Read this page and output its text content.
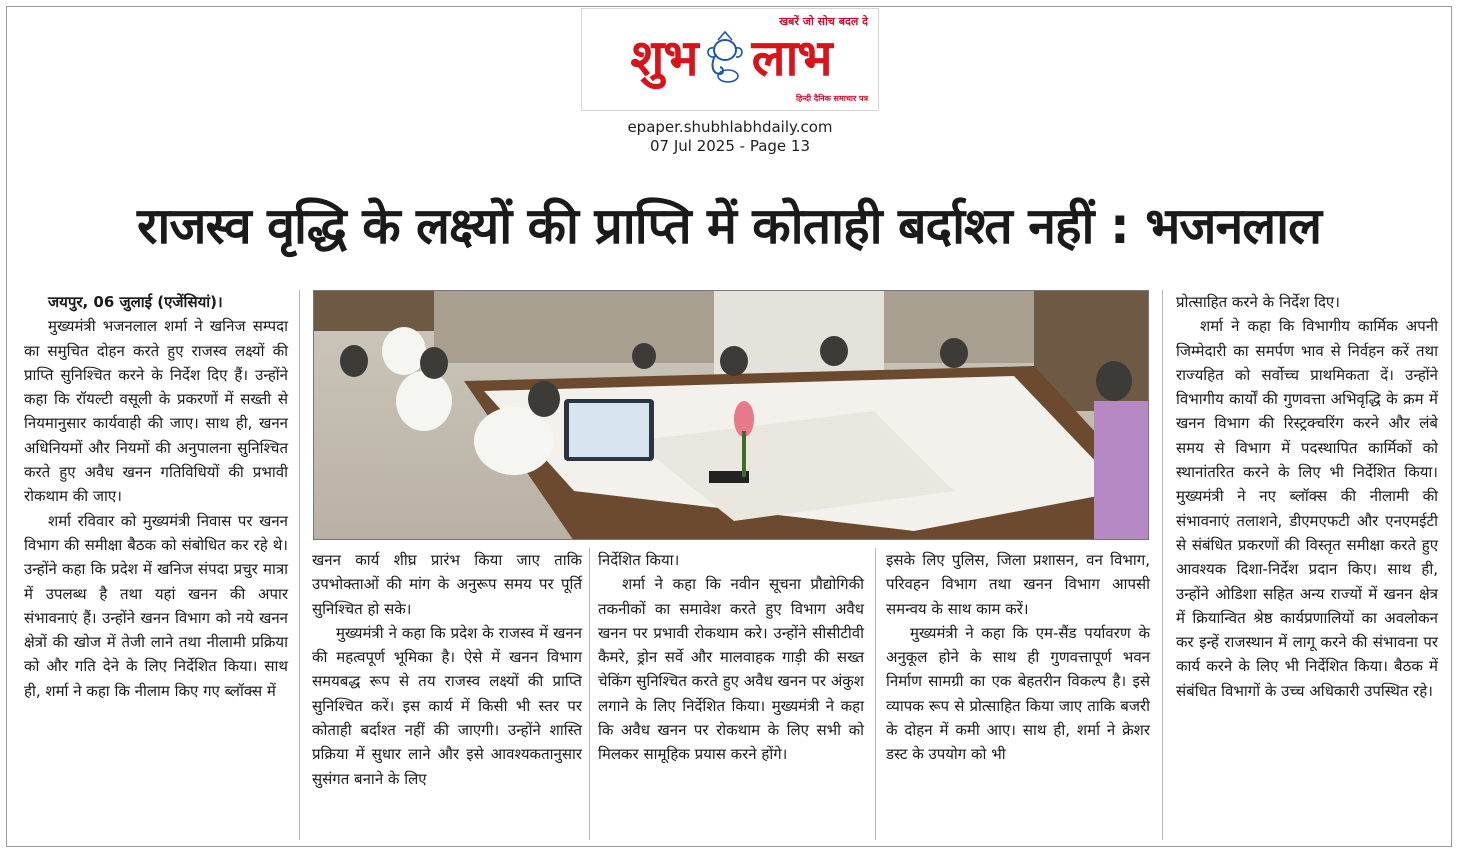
खबरें जो सोच बदल दे
शुभ लाभ
हिन्दी दैनिक समाचार पत्र
epaper.shubhlabhdaily.com
07 Jul 2025 - Page 13
राजस्व वृद्धि के लक्ष्यों की प्राप्ति में कोताही बर्दाश्त नहीं : भजनलाल

जयपुर, 06 जुलाई (एजेंसियां)।

मुख्यमंत्री भजनलाल शर्मा ने खनिज सम्पदा का समुचित दोहन करते हुए राजस्व लक्ष्यों की प्राप्ति सुनिश्चित करने के निर्देश दिए हैं। उन्होंने कहा कि रॉयल्टी वसूली के प्रकरणों में सख्ती से नियमानुसार कार्यवाही की जाए। साथ ही, खनन अधिनियमों और नियमों की अनुपालना सुनिश्चित करते हुए अवैध खनन गतिविधियों की प्रभावी रोकथाम की जाए।

शर्मा रविवार को मुख्यमंत्री निवास पर खनन विभाग की समीक्षा बैठक को संबोधित कर रहे थे। उन्होंने कहा कि प्रदेश में खनिज संपदा प्रचुर मात्रा में उपलब्ध है तथा यहां खनन की अपार संभावनाएं हैं। उन्होंने खनन विभाग को नये खनन क्षेत्रों की खोज में तेजी लाने तथा नीलामी प्रक्रिया को और गति देने के लिए निर्देशित किया। साथ ही, शर्मा ने कहा कि नीलाम किए गए ब्लॉक्स में

खनन कार्य शीघ्र प्रारंभ किया जाए ताकि उपभोक्ताओं की मांग के अनुरूप समय पर पूर्ति सुनिश्चित हो सके।

मुख्यमंत्री ने कहा कि प्रदेश के राजस्व में खनन की महत्वपूर्ण भूमिका है। ऐसे में खनन विभाग समयबद्ध रूप से तय राजस्व लक्ष्यों की प्राप्ति सुनिश्चित करें। इस कार्य में किसी भी स्तर पर कोताही बर्दाश्त नहीं की जाएगी। उन्होंने शास्ति प्रक्रिया में सुधार लाने और इसे आवश्यकतानुसार सुसंगत बनाने के लिए

निर्देशित किया।

शर्मा ने कहा कि नवीन सूचना प्रौद्योगिकी तकनीकों का समावेश करते हुए विभाग अवैध खनन पर प्रभावी रोकथाम करे। उन्होंने सीसीटीवी कैमरे, ड्रोन सर्वे और मालवाहक गाड़ी की सख्त चेकिंग सुनिश्चित करते हुए अवैध खनन पर अंकुश लगाने के लिए निर्देशित किया। मुख्यमंत्री ने कहा कि अवैध खनन पर रोकथाम के लिए सभी को मिलकर सामूहिक प्रयास करने होंगे।

इसके लिए पुलिस, जिला प्रशासन, वन विभाग, परिवहन विभाग तथा खनन विभाग आपसी समन्वय के साथ काम करें।

मुख्यमंत्री ने कहा कि एम-सैंड पर्यावरण के अनुकूल होने के साथ ही गुणवत्तापूर्ण भवन निर्माण सामग्री का एक बेहतरीन विकल्प है। इसे व्यापक रूप से प्रोत्साहित किया जाए ताकि बजरी के दोहन में कमी आए। साथ ही, शर्मा ने क्रेशर डस्ट के उपयोग को भी

प्रोत्साहित करने के निर्देश दिए।

शर्मा ने कहा कि विभागीय कार्मिक अपनी जिम्मेदारी का समर्पण भाव से निर्वहन करें तथा राज्यहित को सर्वोच्च प्राथमिकता दें। उन्होंने विभागीय कार्यों की गुणवत्ता अभिवृद्धि के क्रम में खनन विभाग की रिस्ट्रक्चरिंग करने और लंबे समय से विभाग में पदस्थापित कार्मिकों को स्थानांतरित करने के लिए भी निर्देशित किया। मुख्यमंत्री ने नए ब्लॉक्स की नीलामी की संभावनाएं तलाशने, डीएमएफटी और एनएमईटी से संबंधित प्रकरणों की विस्तृत समीक्षा करते हुए आवश्यक दिशा-निर्देश प्रदान किए। साथ ही, उन्होंने ओडिशा सहित अन्य राज्यों में खनन क्षेत्र में क्रियान्वित श्रेष्ठ कार्यप्रणालियों का अवलोकन कर इन्हें राजस्थान में लागू करने की संभावना पर कार्य करने के लिए भी निर्देशित किया। बैठक में संबंधित विभागों के उच्च अधिकारी उपस्थित रहे।
